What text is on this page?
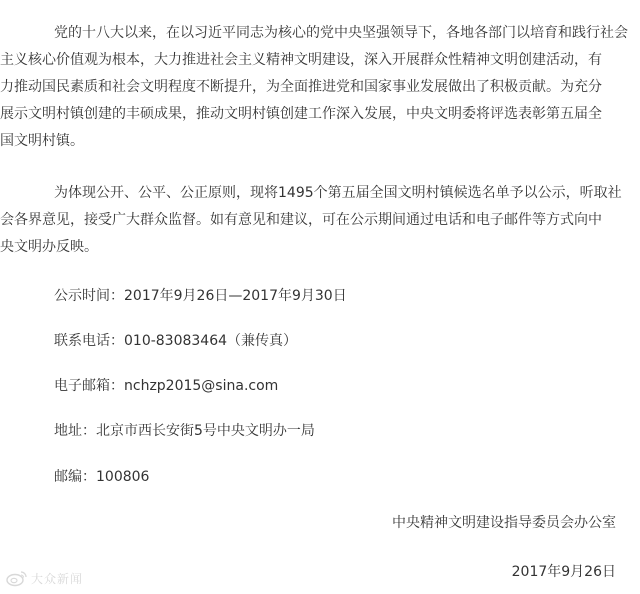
党的十八大以来，在以习近平同志为核心的党中央坚强领导下，各地各部门以培育和践行社会
主义核心价值观为根本，大力推进社会主义精神文明建设，深入开展群众性精神文明创建活动，有
力推动国民素质和社会文明程度不断提升，为全面推进党和国家事业发展做出了积极贡献。为充分
展示文明村镇创建的丰硕成果，推动文明村镇创建工作深入发展，中央文明委将评选表彰第五届全
国文明村镇。

为体现公开、公平、公正原则，现将1495个第五届全国文明村镇候选名单予以公示，听取社
会各界意见，接受广大群众监督。如有意见和建议，可在公示期间通过电话和电子邮件等方式向中
央文明办反映。

公示时间：2017年9月26日—2017年9月30日

联系电话：010-83083464（兼传真）

电子邮箱：nchzp2015@sina.com

地址：北京市西长安街5号中央文明办一局

邮编：100806

中央精神文明建设指导委员会办公室
2017年9月26日
大众新闻
